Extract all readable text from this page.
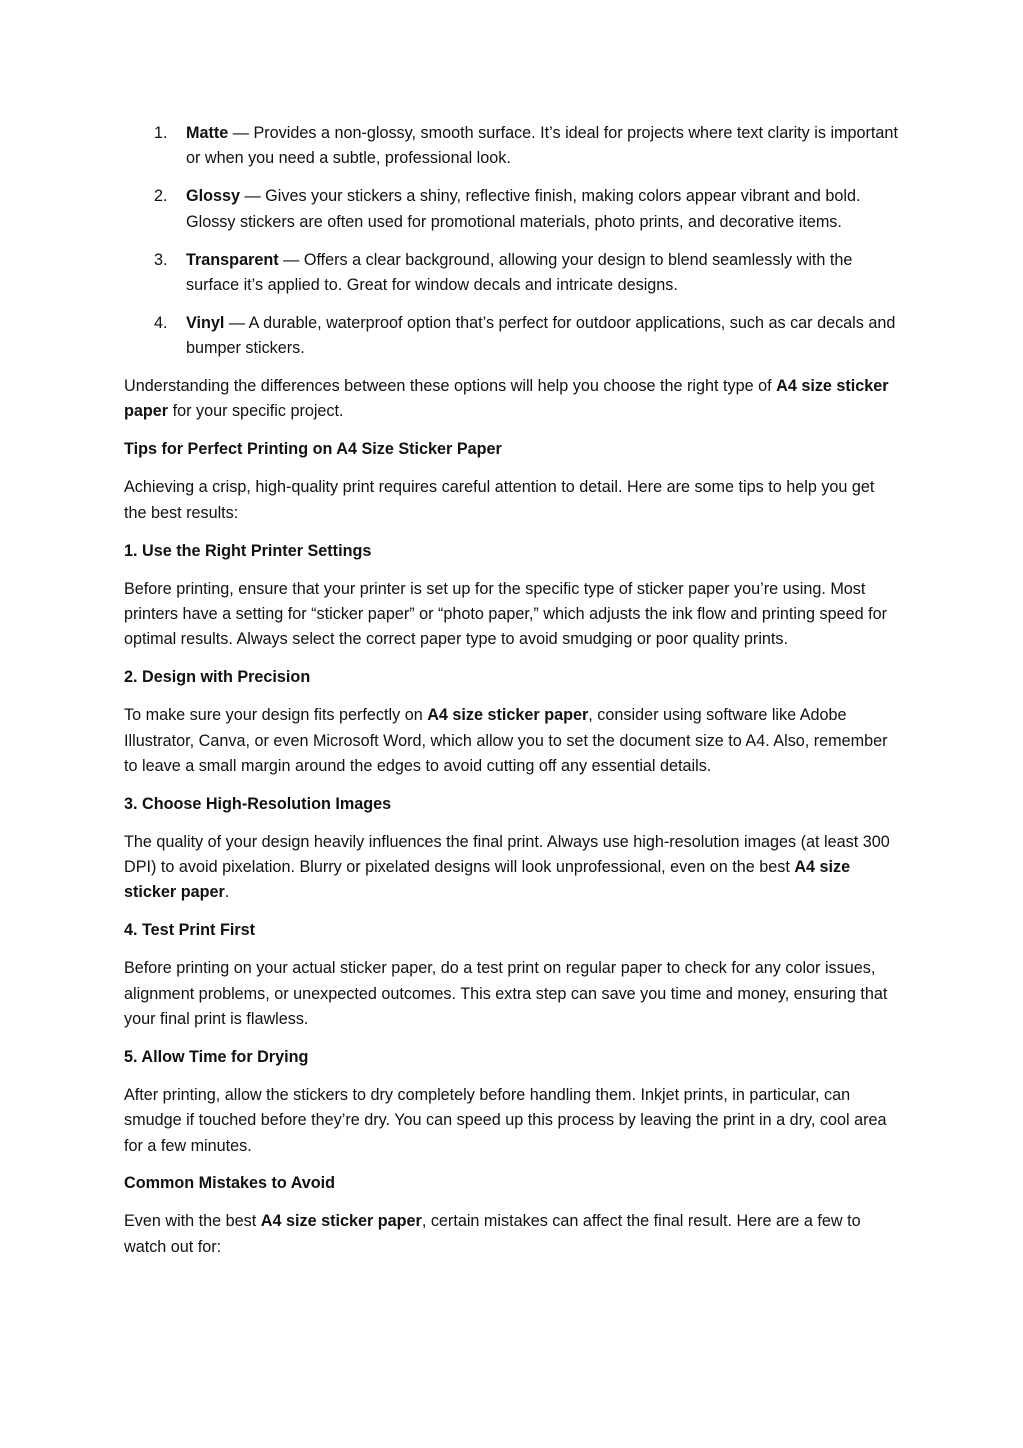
1. Matte — Provides a non-glossy, smooth surface. It’s ideal for projects where text clarity is important or when you need a subtle, professional look.
2. Glossy — Gives your stickers a shiny, reflective finish, making colors appear vibrant and bold. Glossy stickers are often used for promotional materials, photo prints, and decorative items.
3. Transparent — Offers a clear background, allowing your design to blend seamlessly with the surface it’s applied to. Great for window decals and intricate designs.
4. Vinyl — A durable, waterproof option that’s perfect for outdoor applications, such as car decals and bumper stickers.

Understanding the differences between these options will help you choose the right type of A4 size sticker paper for your specific project.

Tips for Perfect Printing on A4 Size Sticker Paper

Achieving a crisp, high-quality print requires careful attention to detail. Here are some tips to help you get the best results:

1. Use the Right Printer Settings

Before printing, ensure that your printer is set up for the specific type of sticker paper you’re using. Most printers have a setting for “sticker paper” or “photo paper,” which adjusts the ink flow and printing speed for optimal results. Always select the correct paper type to avoid smudging or poor quality prints.

2. Design with Precision

To make sure your design fits perfectly on A4 size sticker paper, consider using software like Adobe Illustrator, Canva, or even Microsoft Word, which allow you to set the document size to A4. Also, remember to leave a small margin around the edges to avoid cutting off any essential details.

3. Choose High-Resolution Images

The quality of your design heavily influences the final print. Always use high-resolution images (at least 300 DPI) to avoid pixelation. Blurry or pixelated designs will look unprofessional, even on the best A4 size sticker paper.

4. Test Print First

Before printing on your actual sticker paper, do a test print on regular paper to check for any color issues, alignment problems, or unexpected outcomes. This extra step can save you time and money, ensuring that your final print is flawless.

5. Allow Time for Drying

After printing, allow the stickers to dry completely before handling them. Inkjet prints, in particular, can smudge if touched before they’re dry. You can speed up this process by leaving the print in a dry, cool area for a few minutes.

Common Mistakes to Avoid

Even with the best A4 size sticker paper, certain mistakes can affect the final result. Here are a few to watch out for:
